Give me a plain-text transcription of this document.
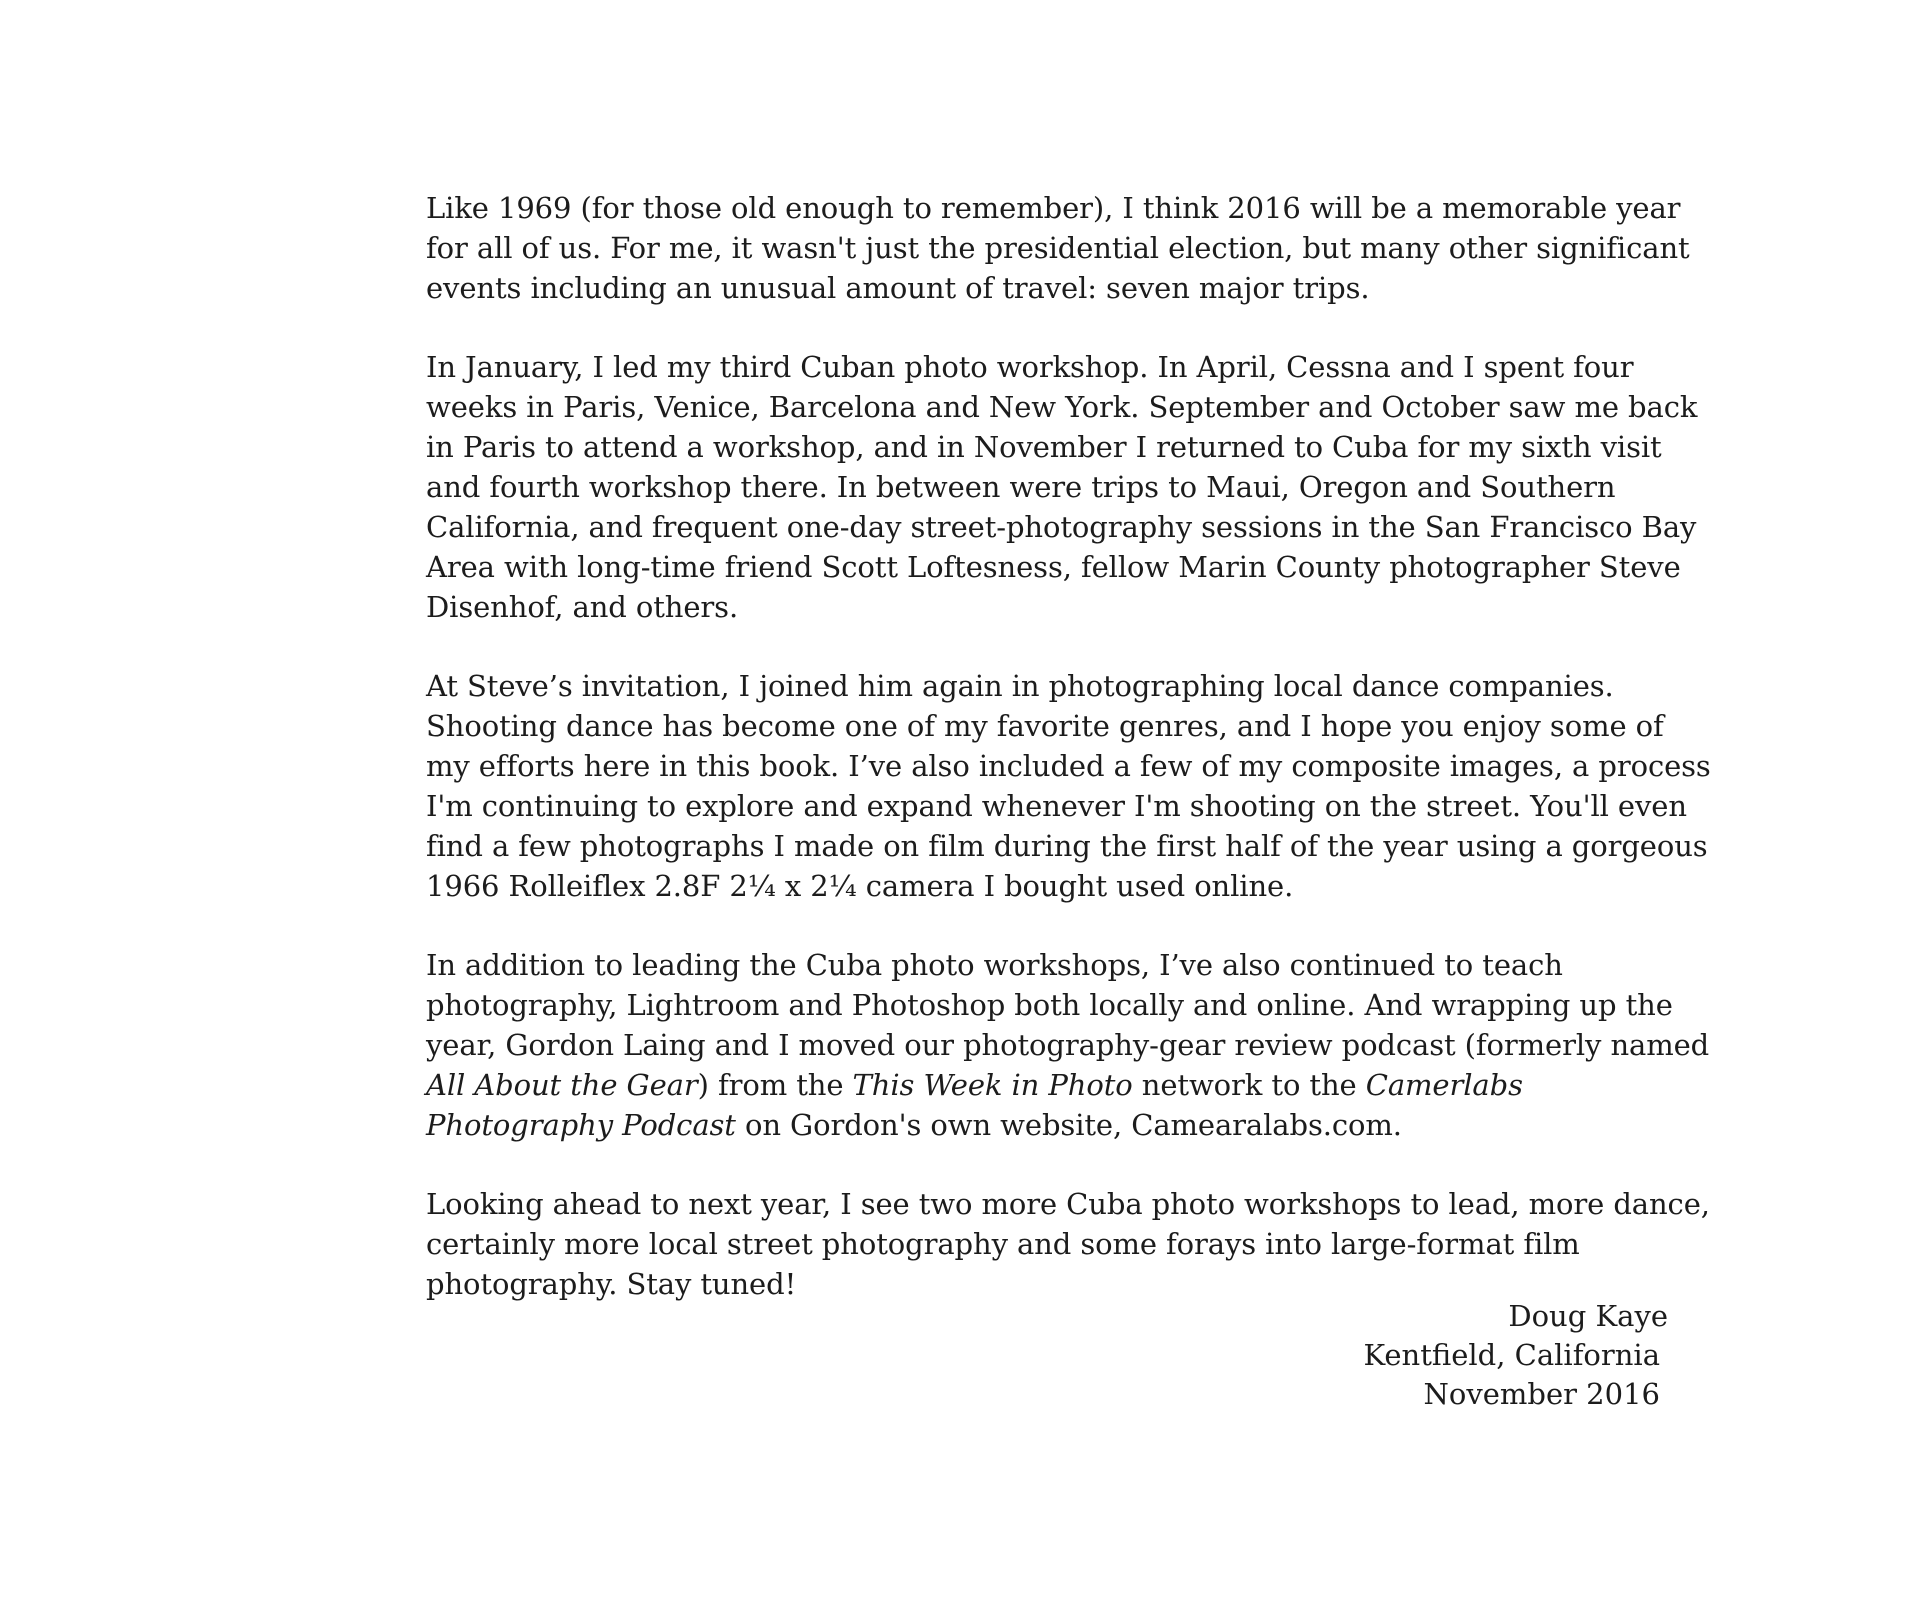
Like 1969 (for those old enough to remember), I think 2016 will be a memorable year for all of us. For me, it wasn't just the presidential election, but many other significant events including an unusual amount of travel: seven major trips.

In January, I led my third Cuban photo workshop. In April, Cessna and I spent four weeks in Paris, Venice, Barcelona and New York. September and October saw me back in Paris to attend a workshop, and in November I returned to Cuba for my sixth visit and fourth workshop there. In between were trips to Maui, Oregon and Southern California, and frequent one-day street-photography sessions in the San Francisco Bay Area with long-time friend Scott Loftesness, fellow Marin County photographer Steve Disenhof, and others.

At Steve’s invitation, I joined him again in photographing local dance companies. Shooting dance has become one of my favorite genres, and I hope you enjoy some of my efforts here in this book. I’ve also included a few of my composite images, a process I'm continuing to explore and expand whenever I'm shooting on the street. You'll even find a few photographs I made on film during the first half of the year using a gorgeous 1966 Rolleiflex 2.8F 2¼ x 2¼ camera I bought used online.

In addition to leading the Cuba photo workshops, I’ve also continued to teach photography, Lightroom and Photoshop both locally and online. And wrapping up the year, Gordon Laing and I moved our photography-gear review podcast (formerly named All About the Gear) from the This Week in Photo network to the Camerlabs Photography Podcast on Gordon's own website, Camearalabs.com.

Looking ahead to next year, I see two more Cuba photo workshops to lead, more dance, certainly more local street photography and some forays into large-format film photography. Stay tuned!

Doug Kaye
Kentfield, California
November 2016
